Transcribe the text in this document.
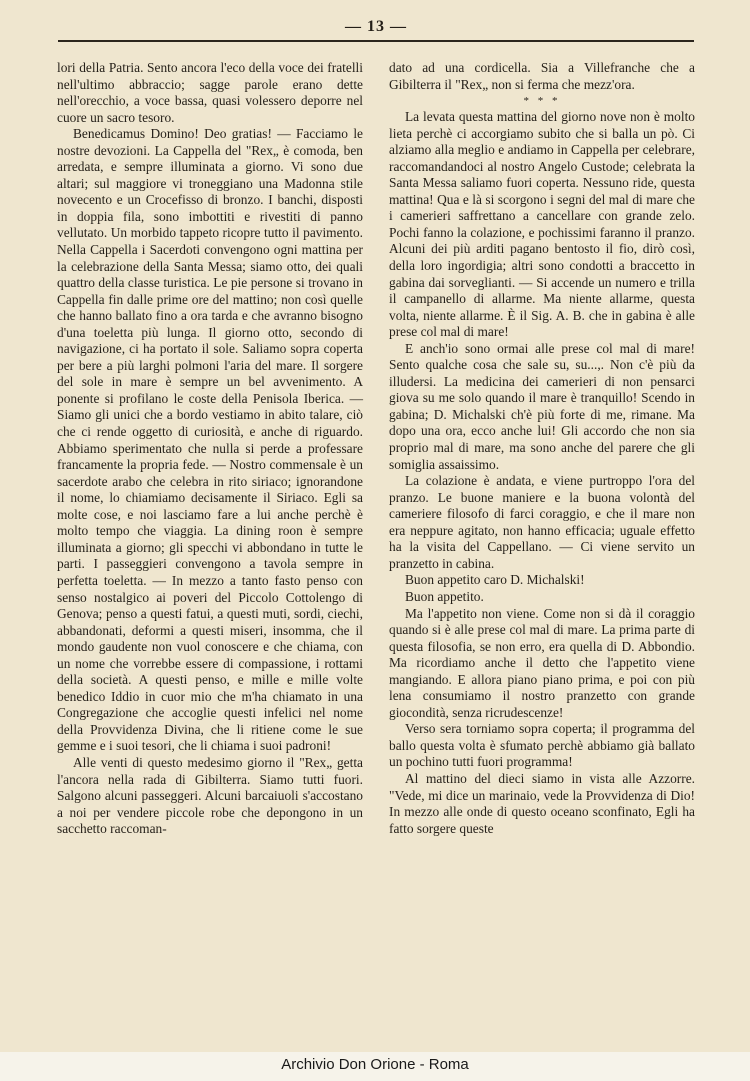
— 13 —

lori della Patria. Sento ancora l'eco della voce dei fratelli nell'ultimo abbraccio; sagge parole erano dette nell'orecchio, a voce bassa, quasi volessero deporre nel cuore un sacro tesoro.

Benedicamus Domino! Deo gratias! — Facciamo le nostre devozioni. La Cappella del "Rex„ è comoda, ben arredata, e sempre illuminata a giorno. Vi sono due altari; sul maggiore vi troneggiano una Madonna stile novecento e un Crocefisso di bronzo. I banchi, disposti in doppia fila, sono imbottiti e rivestiti di panno vellutato. Un morbido tappeto ricopre tutto il pavimento. Nella Cappella i Sacerdoti convengono ogni mattina per la celebrazione della Santa Messa; siamo otto, dei quali quattro della classe turistica. Le pie persone si trovano in Cappella fin dalle prime ore del mattino; non così quelle che hanno ballato fino a ora tarda e che avranno bisogno d'una toeletta più lunga. Il giorno otto, secondo di navigazione, ci ha portato il sole. Saliamo sopra coperta per bere a più larghi polmoni l'aria del mare. Il sorgere del sole in mare è sempre un bel avvenimento. A ponente si profilano le coste della Penisola Iberica. — Siamo gli unici che a bordo vestiamo in abito talare, ciò che ci rende oggetto di curiosità, e anche di riguardo. Abbiamo sperimentato che nulla si perde a professare francamente la propria fede. — Nostro commensale è un sacerdote arabo che celebra in rito siriaco; ignorandone il nome, lo chiamiamo decisamente il Siriaco. Egli sa molte cose, e noi lasciamo fare a lui anche perchè è molto tempo che viaggia. La dining roon è sempre illuminata a giorno; gli specchi vi abbondano in tutte le parti. I passeggieri convengono a tavola sempre in perfetta toeletta. — In mezzo a tanto fasto penso con senso nostalgico ai poveri del Piccolo Cottolengo di Genova; penso a questi fatui, a questi muti, sordi, ciechi, abbandonati, deformi a questi miseri, insomma, che il mondo gaudente non vuol conoscere e che chiama, con un nome che vorrebbe essere di compassione, i rottami della società. A questi penso, e mille e mille volte benedico Iddio in cuor mio che m'ha chiamato in una Congregazione che accoglie questi infelici nel nome della Provvidenza Divina, che li ritiene come le sue gemme e i suoi tesori, che li chiama i suoi padroni!

Alle venti di questo medesimo giorno il "Rex„ getta l'ancora nella rada di Gibilterra. Siamo tutti fuori. Salgono alcuni passeggeri. Alcuni barcaiuoli s'accostano a noi per vendere piccole robe che depongono in un sacchetto raccoman-

dato ad una cordicella. Sia a Villefranche che a Gibilterra il "Rex„ non si ferma che mezz'ora.

* * *

La levata questa mattina del giorno nove non è molto lieta perchè ci accorgiamo subito che si balla un pò. Ci alziamo alla meglio e andiamo in Cappella per celebrare, raccomandandoci al nostro Angelo Custode; celebrata la Santa Messa saliamo fuori coperta. Nessuno ride, questa mattina! Qua e là si scorgono i segni del mal di mare che i camerieri saffrettano a cancellare con grande zelo. Pochi fanno la colazione, e pochissimi faranno il pranzo. Alcuni dei più arditi pagano bentosto il fio, dirò così, della loro ingordigia; altri sono condotti a braccetto in gabina dai sorveglianti. — Si accende un numero e trilla il campanello di allarme. Ma niente allarme, questa volta, niente allarme. È il Sig. A. B. che in gabina è alle prese col mal di mare!

E anch'io sono ormai alle prese col mal di mare! Sento qualche cosa che sale su, su...,. Non c'è più da illudersi. La medicina dei camerieri di non pensarci giova su me solo quando il mare è tranquillo! Scendo in gabina; D. Michalski ch'è più forte di me, rimane. Ma dopo una ora, ecco anche lui! Gli accordo che non sia proprio mal di mare, ma sono anche del parere che gli somiglia assaissimo.

La colazione è andata, e viene purtroppo l'ora del pranzo. Le buone maniere e la buona volontà del cameriere filosofo di farci coraggio, e che il mare non era neppure agitato, non hanno efficacia; uguale effetto ha la visita del Cappellano. — Ci viene servito un pranzetto in cabina.

Buon appetito caro D. Michalski!

Buon appetito.

Ma l'appetito non viene. Come non si dà il coraggio quando si è alle prese col mal di mare. La prima parte di questa filosofia, se non erro, era quella di D. Abbondio. Ma ricordiamo anche il detto che l'appetito viene mangiando. E allora piano piano prima, e poi con più lena consumiamo il nostro pranzetto con grande giocondità, senza ricrudescenze!

Verso sera torniamo sopra coperta; il programma del ballo questa volta è sfumato perchè abbiamo già ballato un pochino tutti fuori programma!

Al mattino del dieci siamo in vista alle Azzorre. "Vede, mi dice un marinaio, vede la Provvidenza di Dio! In mezzo alle onde di questo oceano sconfinato, Egli ha fatto sorgere queste

Archivio Don Orione - Roma
